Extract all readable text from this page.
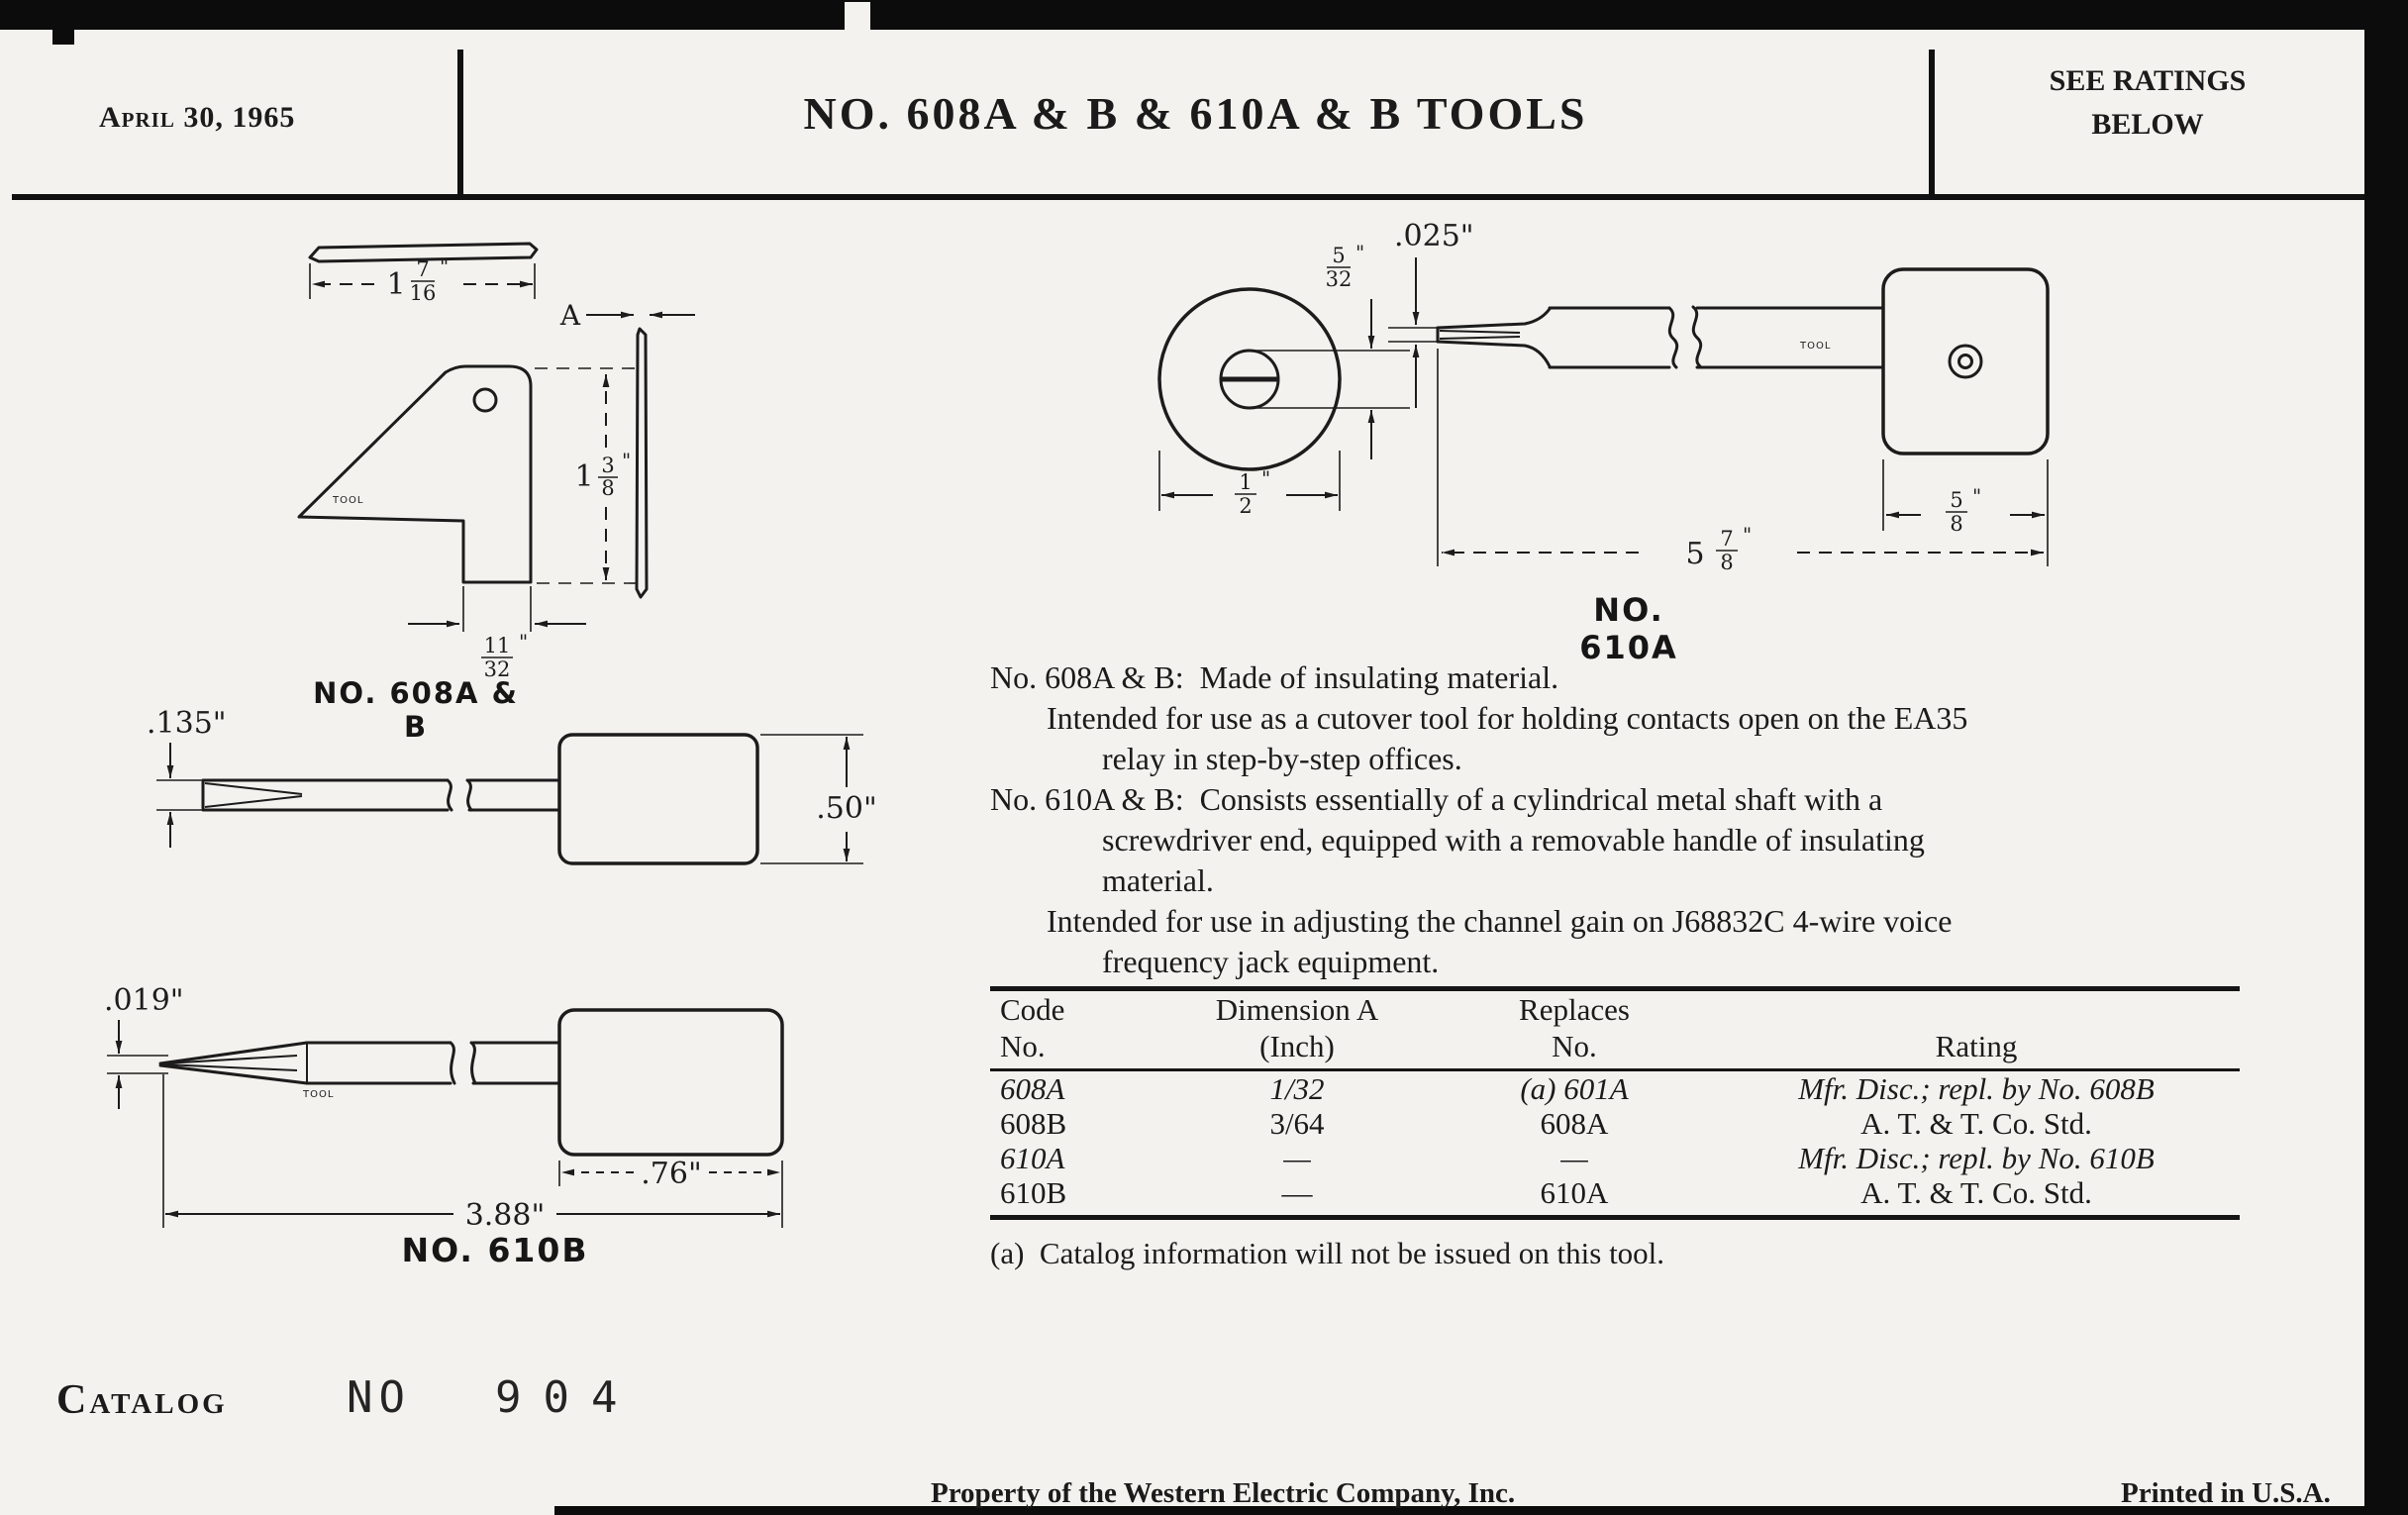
April 30, 1965	NO. 608A & B & 610A & B TOOLS
SEE RATINGS
BELOW
1 7
16
"
TOOL
A
1 3
8
"
11
32
"
NO. 608A & B
.135"
.50"
TOOL
.019"
.76"
3.88"
NO. 610B
5
32
"
1
2
"
TOOL
.025"
5
8
"
5 7
8
"
NO. 610A
No. 608A & B:  Made of insulating material.
Intended for use as a cutover tool for holding contacts open on the EA35
relay in step-by-step offices.
No. 610A & B:  Consists essentially of a cylindrical metal shaft with a
screwdriver end, equipped with a removable handle of insulating
material.
Intended for use in adjusting the channel gain on J68832C 4-wire voice
frequency jack equipment.
Code	Dimension A	Replaces
No.	(Inch)	No.	Rating
608A	1/32	(a) 601A	Mfr. Disc.; repl. by No. 608B
608B	3/64	608A	A. T. & T. Co. Std.
610A	—	—	Mfr. Disc.; repl. by No. 610B
610B	—	610A	A. T. & T. Co. Std.
(a)  Catalog information will not be issued on this tool.
Catalog	NO 904
Property of the Western Electric Company, Inc.	Printed in U.S.A.
